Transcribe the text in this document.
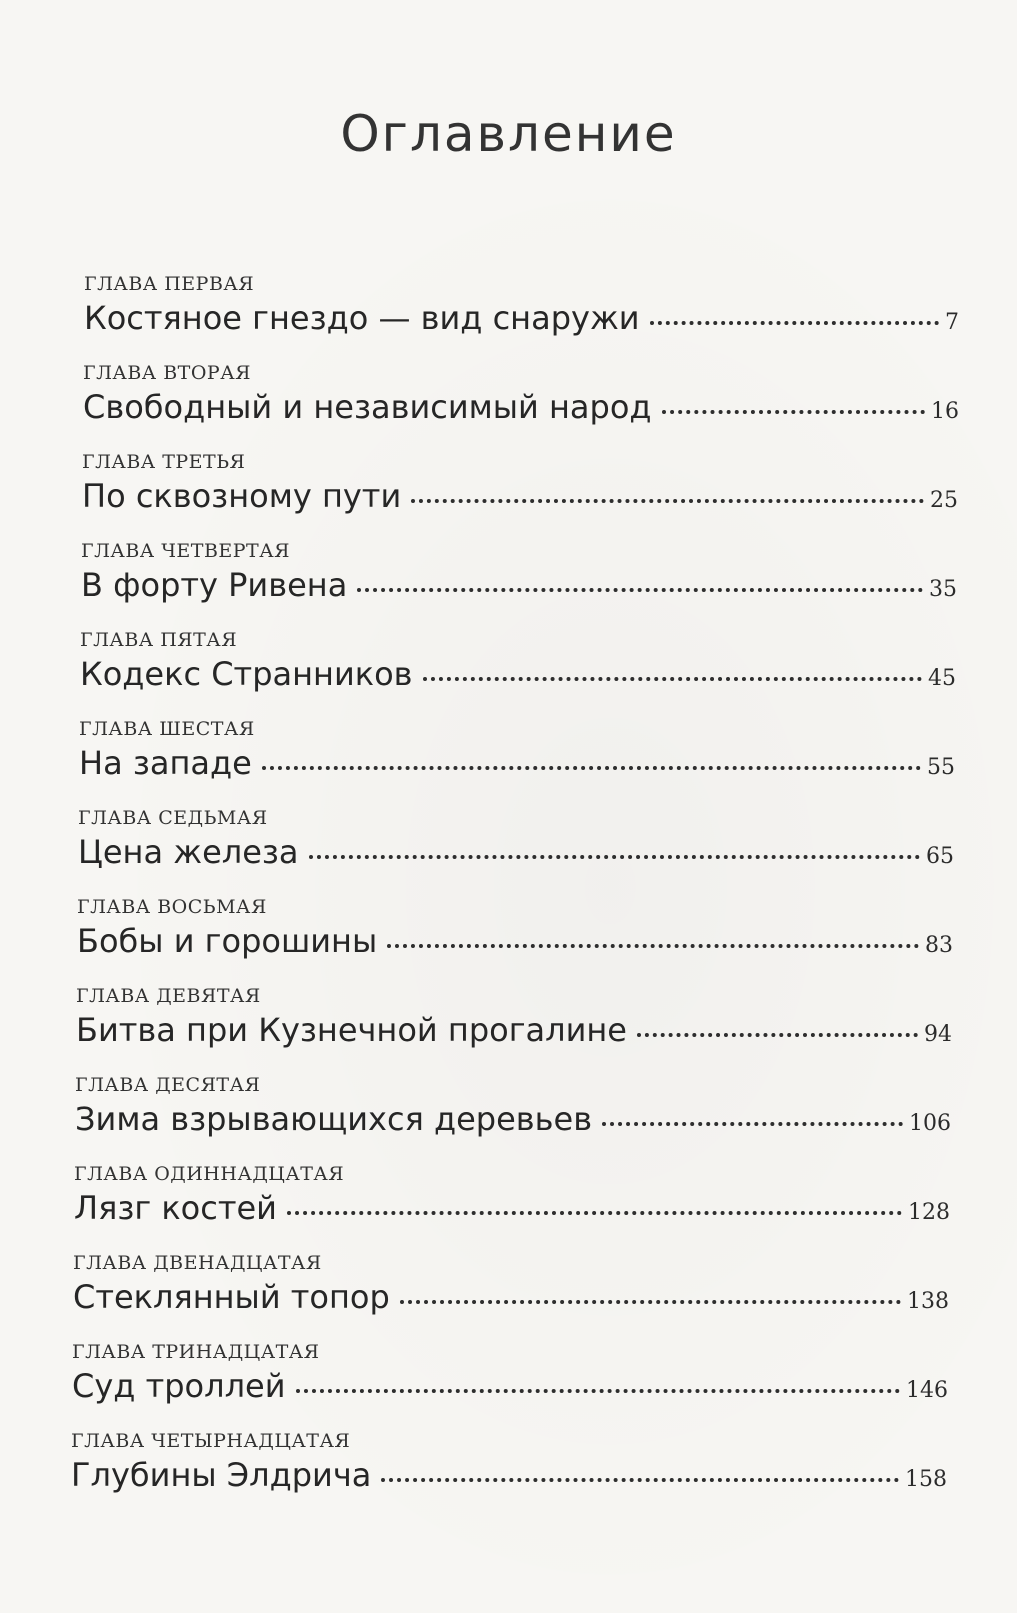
Оглавление
ГЛАВА ПЕРВАЯ
Костяное гнездо — вид снаружи	7
ГЛАВА ВТОРАЯ
Свободный и независимый народ	16
ГЛАВА ТРЕТЬЯ
По сквозному пути	25
ГЛАВА ЧЕТВЕРТАЯ
В форту Ривена	35
ГЛАВА ПЯТАЯ
Кодекс Странников	45
ГЛАВА ШЕСТАЯ
На западе	55
ГЛАВА СЕДЬМАЯ
Цена железа	65
ГЛАВА ВОСЬМАЯ
Бобы и горошины	83
ГЛАВА ДЕВЯТАЯ
Битва при Кузнечной прогалине	94
ГЛАВА ДЕСЯТАЯ
Зима взрывающихся деревьев	106
ГЛАВА ОДИННАДЦАТАЯ
Лязг костей	128
ГЛАВА ДВЕНАДЦАТАЯ
Стеклянный топор	138
ГЛАВА ТРИНАДЦАТАЯ
Суд троллей	146
ГЛАВА ЧЕТЫРНАДЦАТАЯ
Глубины Элдрича	158
